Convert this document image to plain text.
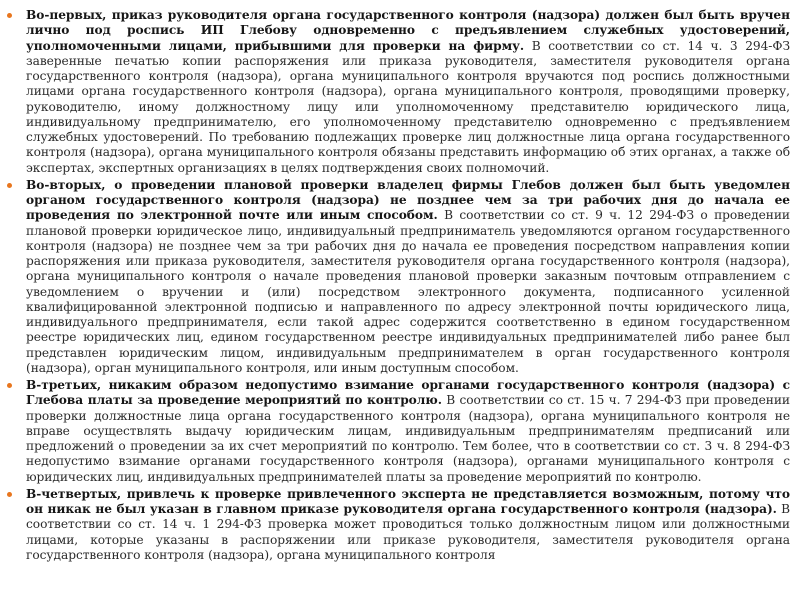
Во-первых, приказ руководителя органа государственного контроля (надзора) должен был быть вручен лично под роспись ИП Глебову одновременно с предъявлением служебных удостоверений, уполномоченными лицами, прибывшими для проверки на фирму. В соответствии со ст. 14 ч. 3 294-ФЗ заверенные печатью копии распоряжения или приказа руководителя, заместителя руководителя органа государственного контроля (надзора), органа муниципального контроля вручаются под роспись должностными лицами органа государственного контроля (надзора), органа муниципального контроля, проводящими проверку, руководителю, иному должностному лицу или уполномоченному представителю юридического лица, индивидуальному предпринимателю, его уполномоченному представителю одновременно с предъявлением служебных удостоверений. По требованию подлежащих проверке лиц должностные лица органа государственного контроля (надзора), органа муниципального контроля обязаны представить информацию об этих органах, а также об экспертах, экспертных организациях в целях подтверждения своих полномочий.
Во-вторых, о проведении плановой проверки владелец фирмы Глебов должен был быть уведомлен органом государственного контроля (надзора) не позднее чем за три рабочих дня до начала ее проведения по электронной почте или иным способом. В соответствии со ст. 9 ч. 12 294-ФЗ о проведении плановой проверки юридическое лицо, индивидуальный предприниматель уведомляются органом государственного контроля (надзора) не позднее чем за три рабочих дня до начала ее проведения посредством направления копии распоряжения или приказа руководителя, заместителя руководителя органа государственного контроля (надзора), органа муниципального контроля о начале проведения плановой проверки заказным почтовым отправлением с уведомлением о вручении и (или) посредством электронного документа, подписанного усиленной квалифицированной электронной подписью и направленного по адресу электронной почты юридического лица, индивидуального предпринимателя, если такой адрес содержится соответственно в едином государственном реестре юридических лиц, едином государственном реестре индивидуальных предпринимателей либо ранее был представлен юридическим лицом, индивидуальным предпринимателем в орган государственного контроля (надзора), орган муниципального контроля, или иным доступным способом.
В-третьих, никаким образом недопустимо взимание органами государственного контроля (надзора) с Глебова платы за проведение мероприятий по контролю. В соответствии со ст. 15 ч. 7 294-ФЗ при проведении проверки должностные лица органа государственного контроля (надзора), органа муниципального контроля не вправе осуществлять выдачу юридическим лицам, индивидуальным предпринимателям предписаний или предложений о проведении за их счет мероприятий по контролю. Тем более, что в соответствии со ст. 3 ч. 8 294-ФЗ недопустимо взимание органами государственного контроля (надзора), органами муниципального контроля с юридических лиц, индивидуальных предпринимателей платы за проведение мероприятий по контролю.
В-четвертых, привлечь к проверке привлеченного эксперта не представляется возможным, потому что он никак не был указан в главном приказе руководителя органа государственного контроля (надзора). В соответствии со ст. 14 ч. 1 294-ФЗ проверка может проводиться только должностным лицом или должностными лицами, которые указаны в распоряжении или приказе руководителя, заместителя руководителя органа государственного контроля (надзора), органа муниципального контроля
